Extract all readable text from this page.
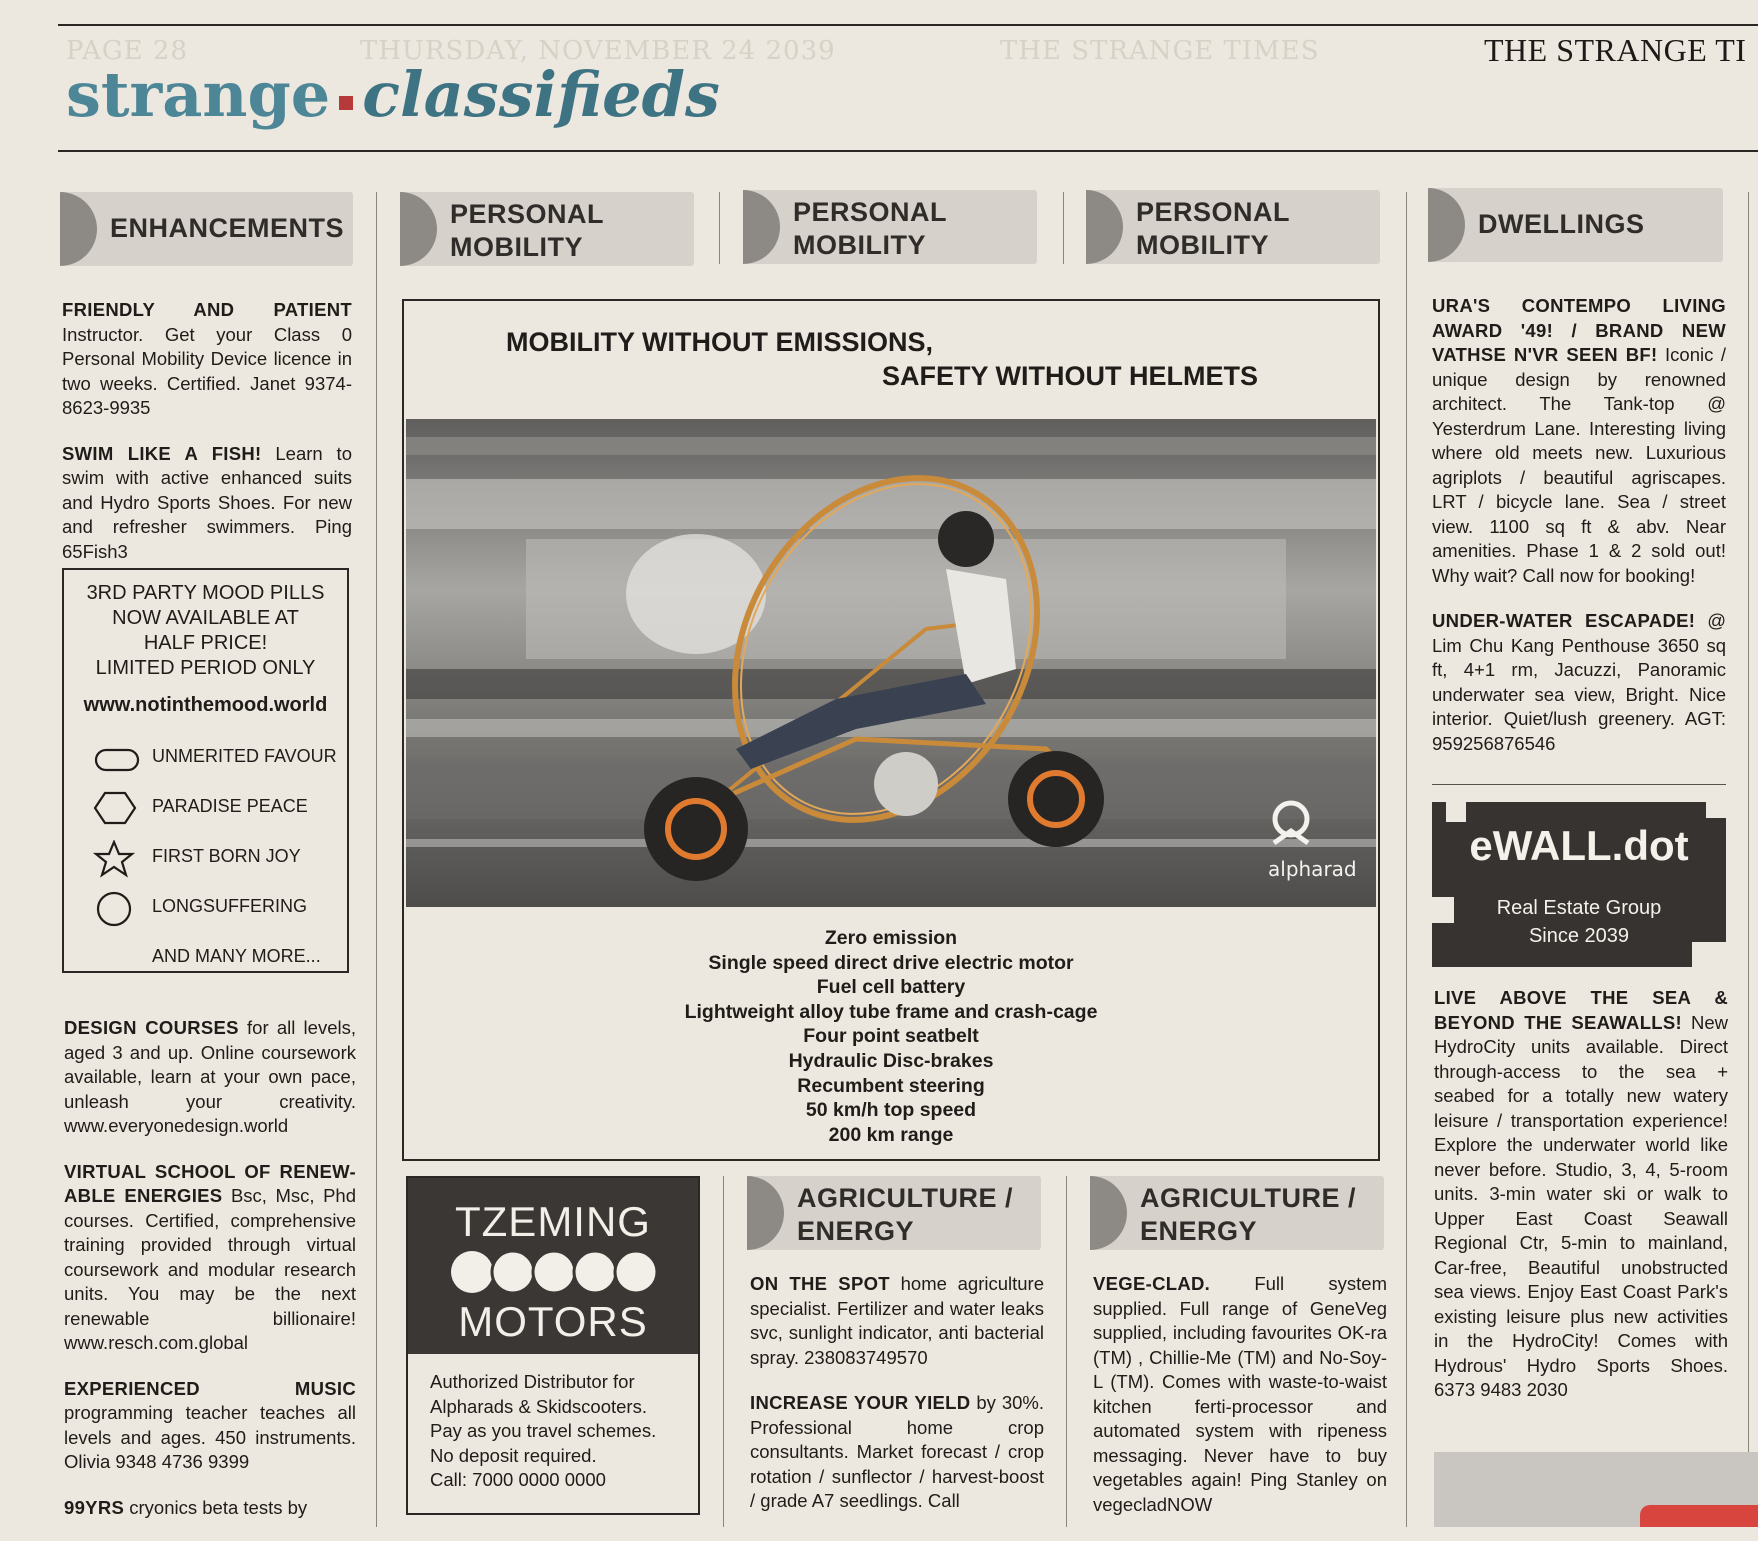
PAGE 28	THURSDAY, NOVEMBER 24 2039	THE STRANGE TIMES	THE STRANGE TI
strange classifieds
ENHANCEMENTS	PERSONAL
MOBILITY
PERSONAL
MOBILITY
PERSONAL
MOBILITY
DWELLINGS

FRIENDLY AND PATIENT Instructor. Get your Class 0 Personal Mobility Device licence in two weeks. Certified. Janet 9374-8623-9935

SWIM LIKE A FISH! Learn to swim with active enhanced suits and Hydro Sports Shoes. For new and refresher swimmers. Ping 65Fish3

3RD PARTY MOOD PILLS
NOW AVAILABLE AT
HALF PRICE!
LIMITED PERIOD ONLY
www.notinthemood.world
UNMERITED FAVOUR
PARADISE PEACE
FIRST BORN JOY
LONGSUFFERING
AND MANY MORE...

DESIGN COURSES for all levels, aged 3 and up. Online coursework available, learn at your own pace, unleash your creativity. www.everyonedesign.world

VIRTUAL SCHOOL OF RENEW-ABLE ENERGIES Bsc, Msc, Phd courses. Certified, comprehensive training provided through virtual coursework and modular research units. You may be the next renewable billionaire! www.resch.com.global

EXPERIENCED MUSIC programming teacher teaches all levels and ages. 450 instruments. Olivia 9348 4736 9399

99YRS cryonics beta tests by

MOBILITY WITHOUT EMISSIONS,
SAFETY WITHOUT HELMETS
alpharad
Zero emission
Single speed direct drive electric motor
Fuel cell battery
Lightweight alloy tube frame and crash-cage
Four point seatbelt
Hydraulic Disc-brakes
Recumbent steering
50 km/h top speed
200 km range
TZEMING
MOTORS
Authorized Distributor for
Alpharads & Skidscooters.
Pay as you travel schemes.
No deposit required.
Call: 7000 0000 0000
AGRICULTURE /
ENERGY
AGRICULTURE /
ENERGY

ON THE SPOT home agriculture specialist. Fertilizer and water leaks svc, sunlight indicator, anti bacterial spray. 238083749570

INCREASE YOUR YIELD by 30%. Professional home crop consultants. Market forecast / crop rotation / sunflector / harvest-boost / grade A7 seedlings. Call

VEGE-CLAD. Full system supplied. Full range of GeneVeg supplied, including favourites OK-ra (TM) , Chillie-Me (TM) and No-Soy-L (TM). Comes with waste-to-waist kitchen ferti-processor and automated system with ripeness messaging. Never have to buy vegetables again! Ping Stanley on vegecladNOW

URA'S CONTEMPO LIVING AWARD '49! / BRAND NEW VATHSE N'VR SEEN BF! Iconic / unique design by renowned architect. The Tank-top @ Yesterdrum Lane. Interesting living where old meets new. Luxurious agriplots / beautiful agriscapes. LRT / bicycle lane. Sea / street view. 1100 sq ft & abv. Near amenities. Phase 1 & 2 sold out! Why wait? Call now for booking!

UNDER-WATER ESCAPADE! @ Lim Chu Kang Penthouse 3650 sq ft, 4+1 rm, Jacuzzi, Panoramic underwater sea view, Bright. Nice interior. Quiet/lush greenery. AGT: 959256876546

eWALL.dot
Real Estate Group
Since 2039

LIVE ABOVE THE SEA & BEYOND THE SEAWALLS! New HydroCity units available. Direct through-access to the sea + seabed for a totally new watery leisure / transportation experience! Explore the underwater world like never before. Studio, 3, 4, 5-room units. 3-min water ski or walk to Upper East Coast Seawall Regional Ctr, 5-min to mainland, Car-free, Beautiful unobstructed sea views. Enjoy East Coast Park's existing leisure plus new activities in the HydroCity! Comes with Hydrous' Hydro Sports Shoes. 6373 9483 2030
